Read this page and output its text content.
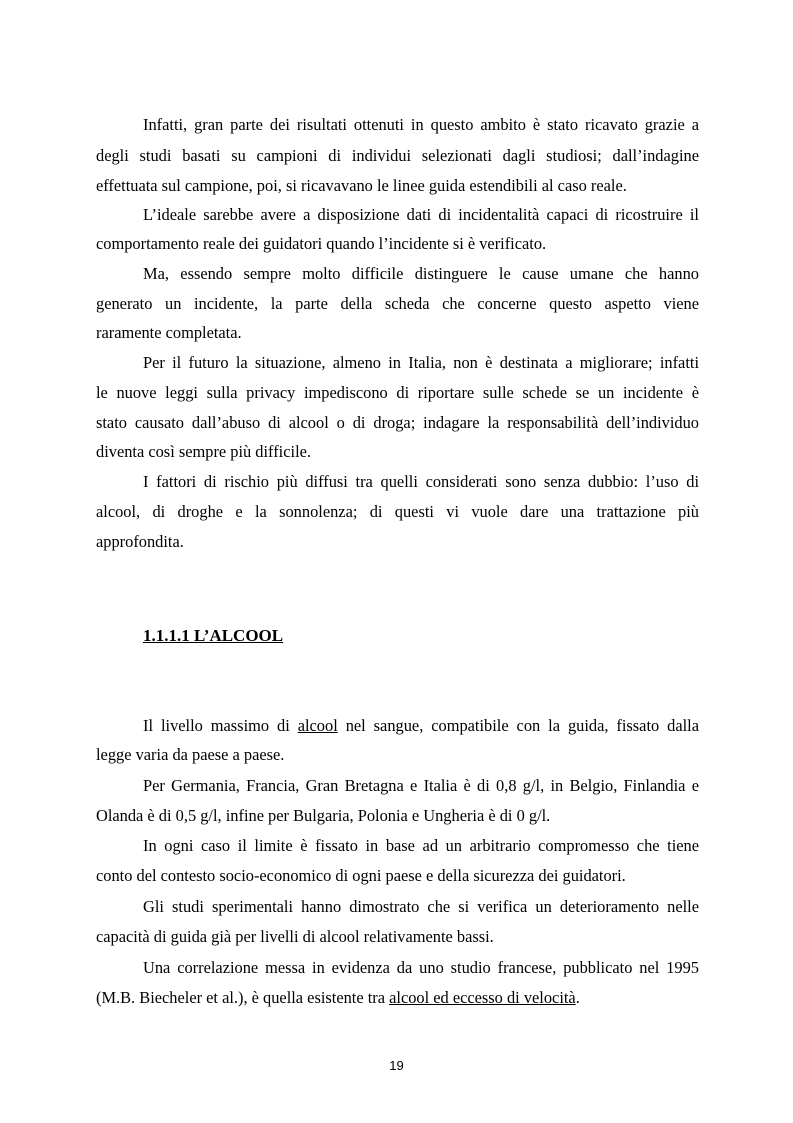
Infatti, gran parte dei risultati ottenuti in questo ambito è stato ricavato grazie a
degli studi basati su campioni di individui selezionati dagli studiosi; dall’indagine
effettuata sul campione, poi, si ricavavano le linee guida estendibili al caso reale.
L’ideale sarebbe avere a disposizione dati di incidentalità capaci di ricostruire il
comportamento reale dei guidatori quando l’incidente si è verificato.
Ma, essendo sempre molto difficile distinguere le cause umane che hanno
generato un incidente, la parte della scheda che concerne questo aspetto viene
raramente completata.
Per il futuro la situazione, almeno in Italia, non è destinata a migliorare; infatti
le nuove leggi sulla privacy impediscono di riportare sulle schede se un incidente è
stato causato dall’abuso di alcool o di droga; indagare la responsabilità dell’individuo
diventa così sempre più difficile.
I fattori di rischio più diffusi tra quelli considerati sono senza dubbio: l’uso di
alcool, di droghe e la sonnolenza; di questi vi vuole dare una trattazione più
approfondita.
1.1.1.1 L’ALCOOL
Il livello massimo di alcool nel sangue, compatibile con la guida, fissato dalla
legge varia da paese a paese.
Per Germania, Francia, Gran Bretagna e Italia è di 0,8 g/l, in Belgio, Finlandia e
Olanda è di 0,5 g/l, infine per Bulgaria, Polonia e Ungheria è di 0 g/l.
In ogni caso il limite è fissato in base ad un arbitrario compromesso che tiene
conto del contesto socio-economico di ogni paese e della sicurezza dei guidatori.
Gli studi sperimentali hanno dimostrato che si verifica un deterioramento nelle
capacità di guida già per livelli di alcool relativamente bassi.
Una correlazione messa in evidenza da uno studio francese, pubblicato nel 1995
(M.B. Biecheler et al.), è quella esistente tra alcool ed eccesso di velocità.
19
